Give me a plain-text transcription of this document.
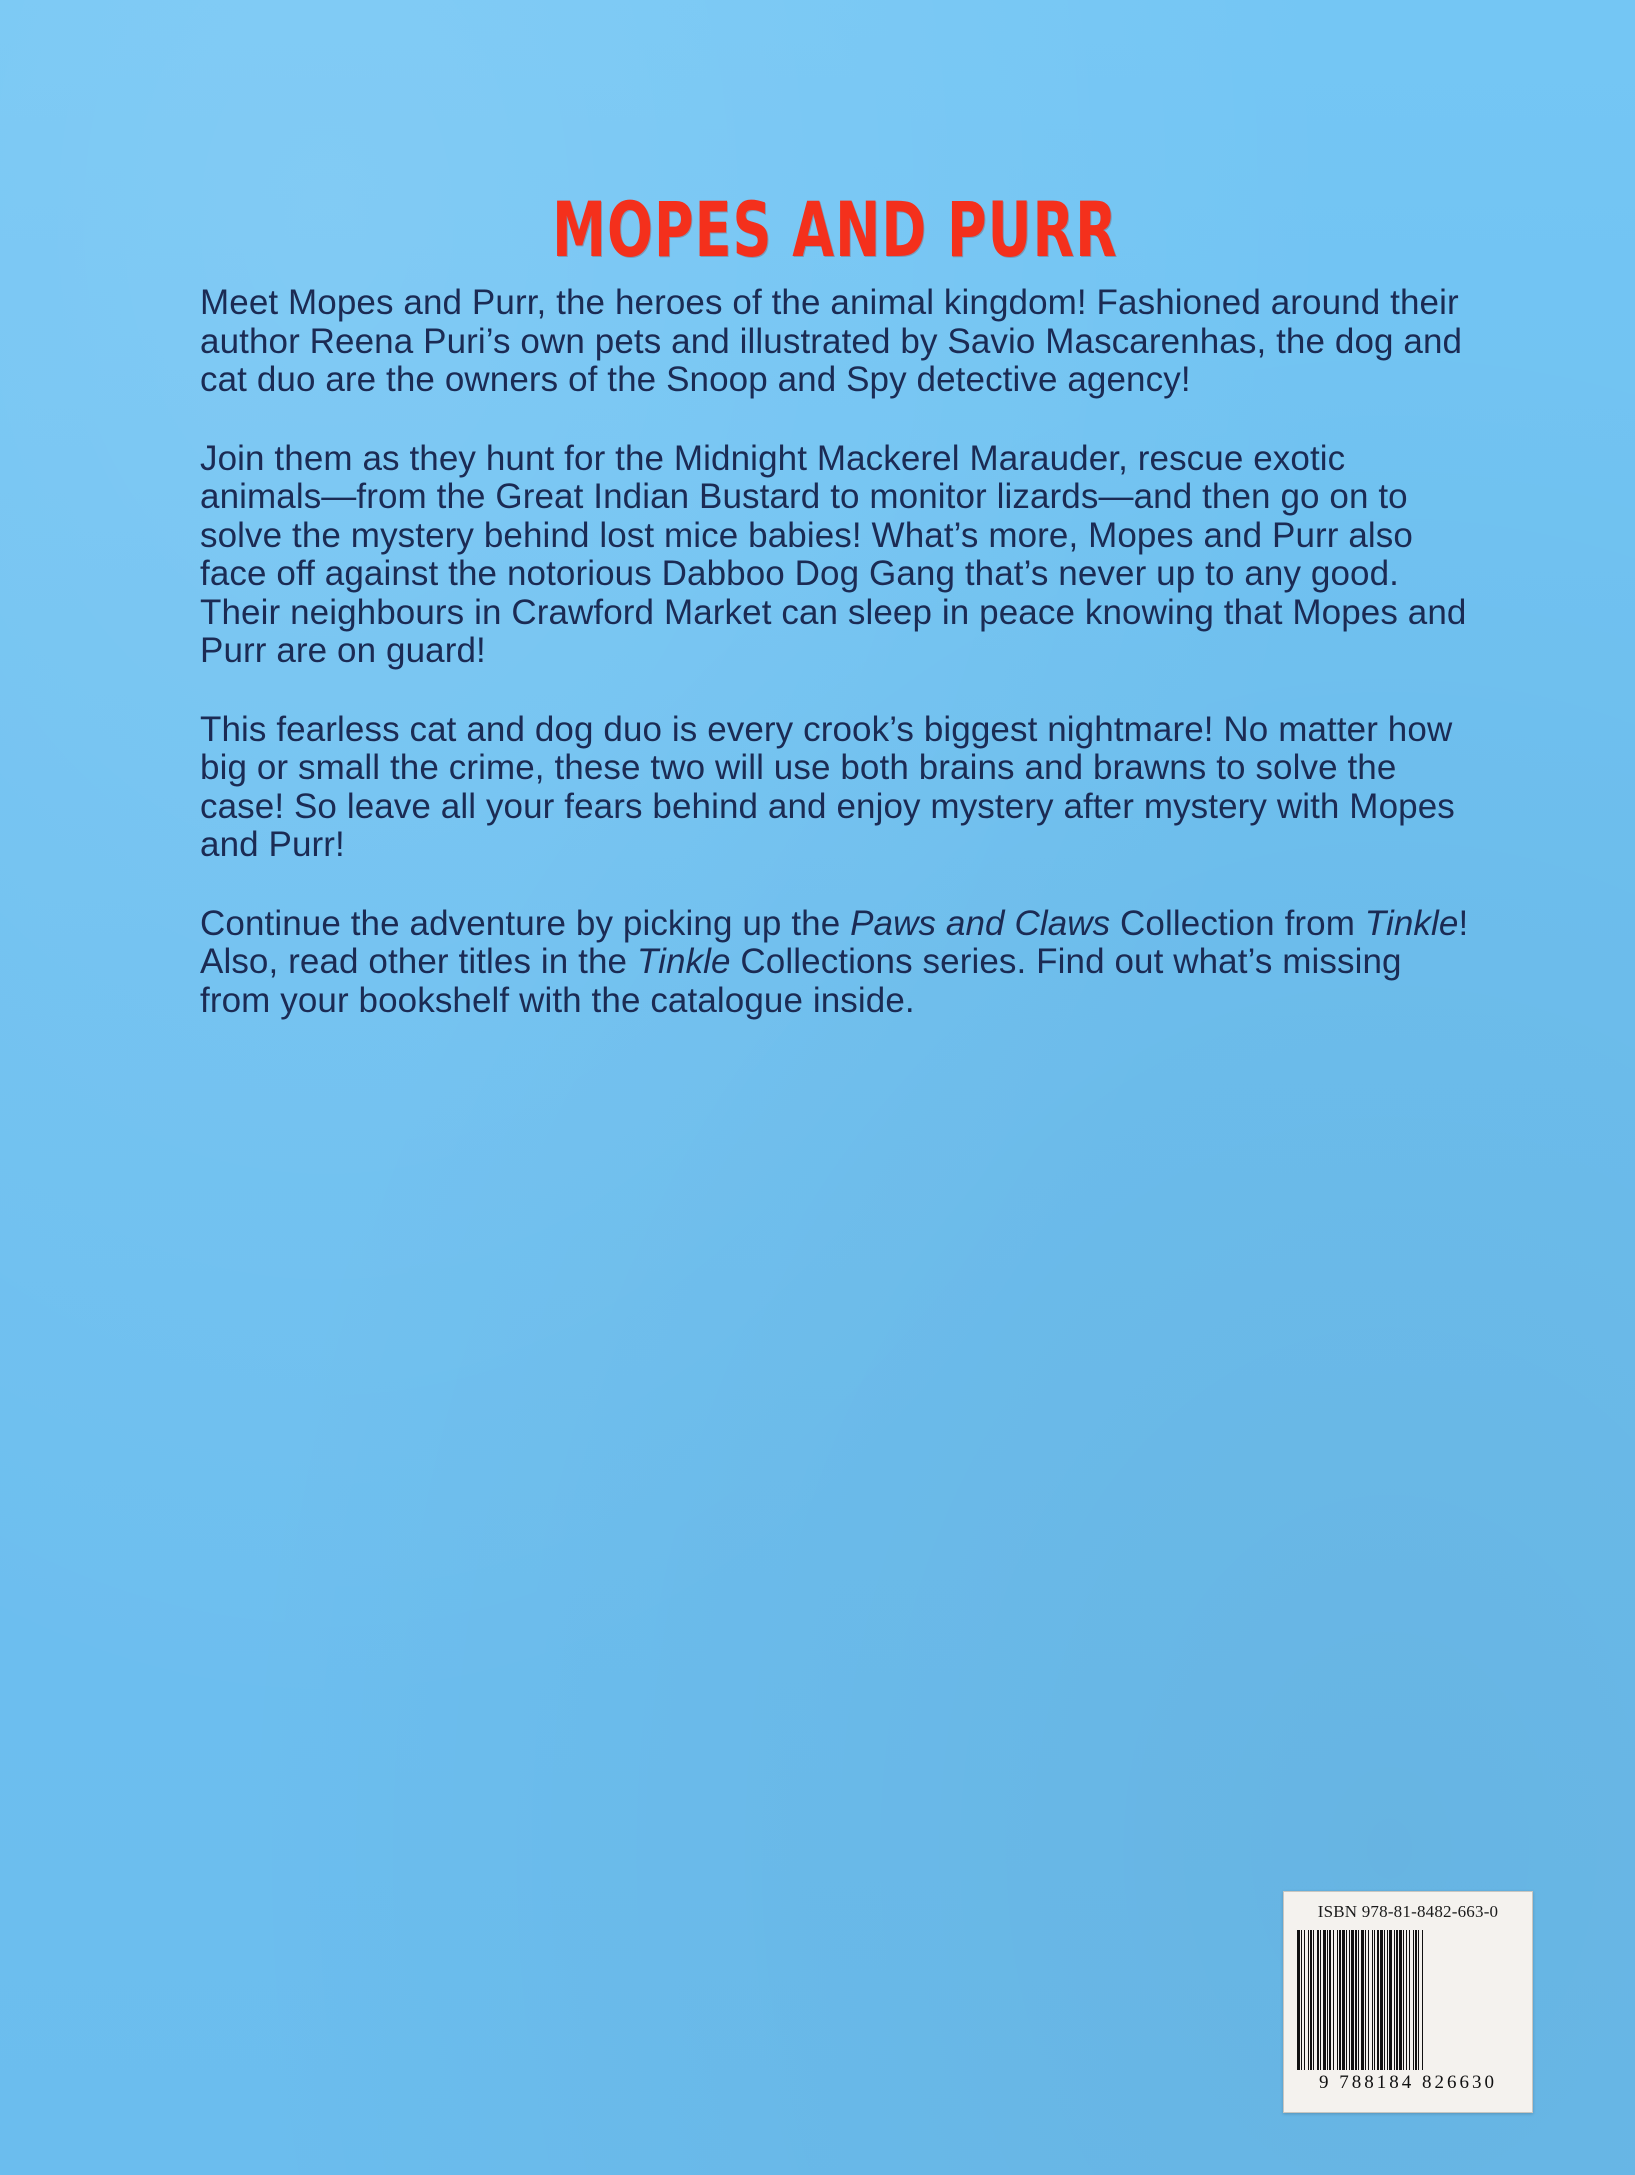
MOPES AND PURR

Meet Mopes and Purr, the heroes of the animal kingdom! Fashioned around their author Reena Puri’s own pets and illustrated by Savio Mascarenhas, the dog and cat duo are the owners of the Snoop and Spy detective agency!

Join them as they hunt for the Midnight Mackerel Marauder, rescue exotic animals—from the Great Indian Bustard to monitor lizards—and then go on to solve the mystery behind lost mice babies! What’s more, Mopes and Purr also face off against the notorious Dabboo Dog Gang that’s never up to any good. Their neighbours in Crawford Market can sleep in peace knowing that Mopes and Purr are on guard!

This fearless cat and dog duo is every crook’s biggest nightmare! No matter how big or small the crime, these two will use both brains and brawns to solve the case! So leave all your fears behind and enjoy mystery after mystery with Mopes and Purr!

Continue the adventure by picking up the Paws and Claws Collection from Tinkle! Also, read other titles in the Tinkle Collections series. Find out what’s missing from your bookshelf with the catalogue inside.

ISBN 978-81-8482-663-0
9 788184 826630
